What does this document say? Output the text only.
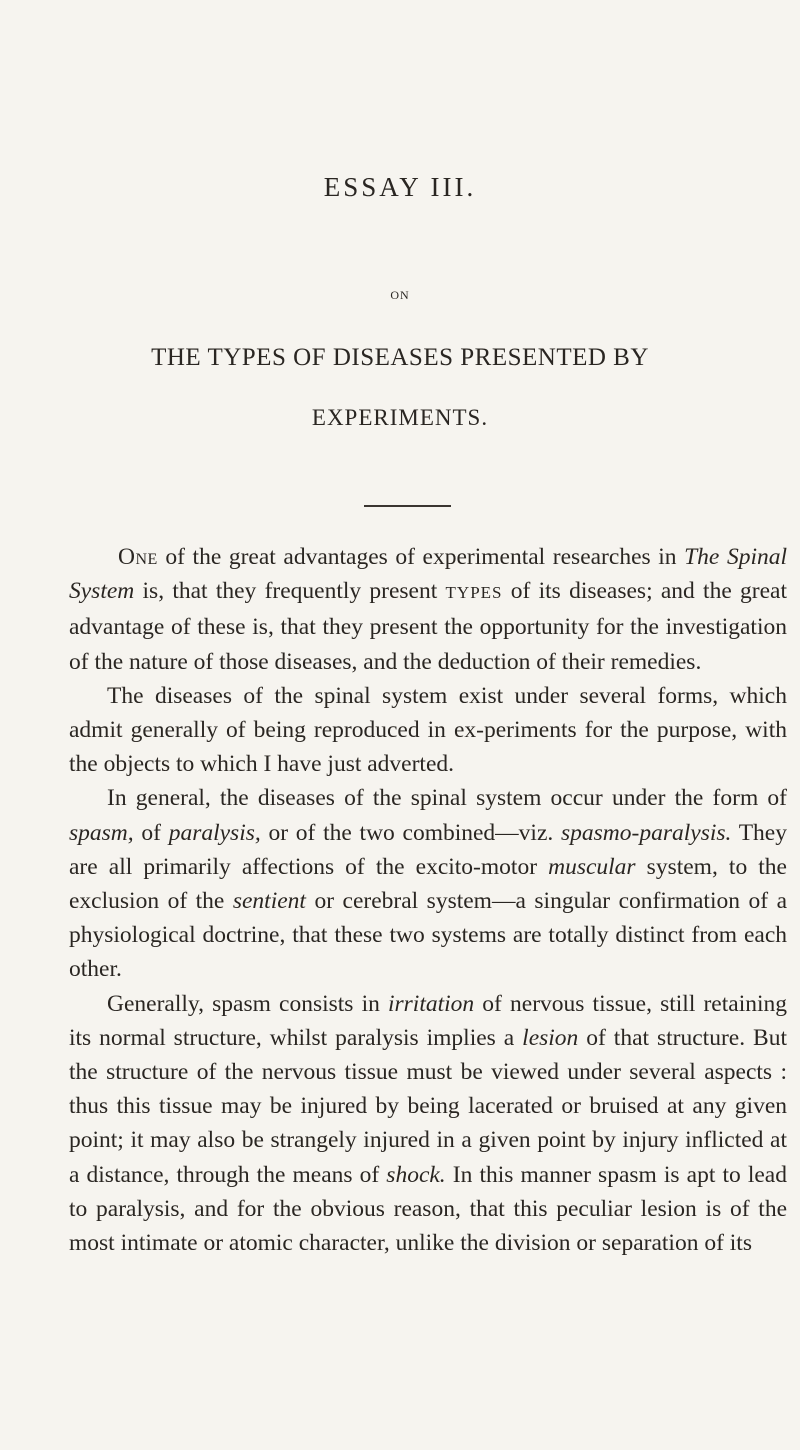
ESSAY III.
ON
THE TYPES OF DISEASES PRESENTED BY
EXPERIMENTS.

One of the great advantages of experimental researches in The Spinal System is, that they frequently present TYPES of its diseases; and the great advantage of these is, that they present the opportunity for the investigation of the nature of those diseases, and the deduction of their remedies.

The diseases of the spinal system exist under several forms, which admit generally of being reproduced in ex-periments for the purpose, with the objects to which I have just adverted.

In general, the diseases of the spinal system occur under the form of spasm, of paralysis, or of the two combined—viz. spasmo-paralysis. They are all primarily affections of the excito-motor muscular system, to the exclusion of the sentient or cerebral system—a singular confirmation of a physiological doctrine, that these two systems are totally distinct from each other.

Generally, spasm consists in irritation of nervous tissue, still retaining its normal structure, whilst paralysis implies a lesion of that structure. But the structure of the nervous tissue must be viewed under several aspects : thus this tissue may be injured by being lacerated or bruised at any given point; it may also be strangely injured in a given point by injury inflicted at a distance, through the means of shock. In this manner spasm is apt to lead to paralysis, and for the obvious reason, that this peculiar lesion is of the most intimate or atomic character, unlike the division or separation of its
